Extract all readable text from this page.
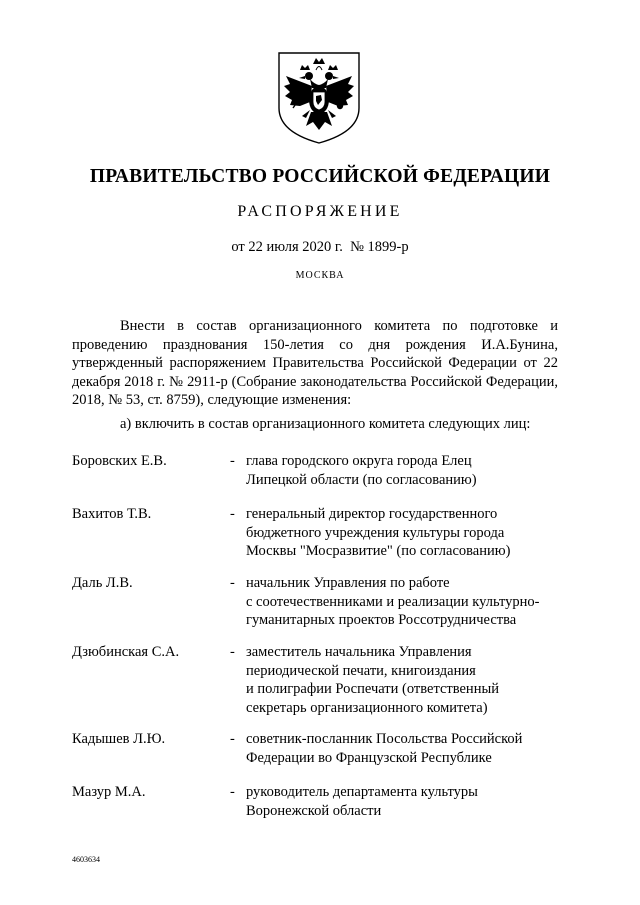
ПРАВИТЕЛЬСТВО РОССИЙСКОЙ ФЕДЕРАЦИИ
РАСПОРЯЖЕНИЕ
от 22 июля 2020 г.  № 1899-р
МОСКВА

Внести в состав организационного комитета по подготовке и проведению празднования 150-летия со дня рождения И.А.Бунина, утвержденный распоряжением Правительства Российской Федерации от 22 декабря 2018 г. № 2911-р (Собрание законодательства Российской Федерации, 2018, № 53, ст. 8759), следующие изменения:

а) включить в состав организационного комитета следующих лиц:
Боровских Е.В.	- глава городского округа города Елец
Липецкой области (по согласованию)
Вахитов Т.В.	- генеральный директор государственного
бюджетного учреждения культуры города
Москвы "Мосразвитие" (по согласованию)
Даль Л.В.	- начальник Управления по работе
с соотечественниками и реализации культурно-
гуманитарных проектов Россотрудничества
Дзюбинская С.А.	- заместитель начальника Управления
периодической печати, книгоиздания
и полиграфии Роспечати (ответственный
секретарь организационного комитета)
Кадышев Л.Ю.	- советник-посланник Посольства Российской
Федерации во Французской Республике
Мазур М.А.	- руководитель департамента культуры
Воронежской области
4603634
